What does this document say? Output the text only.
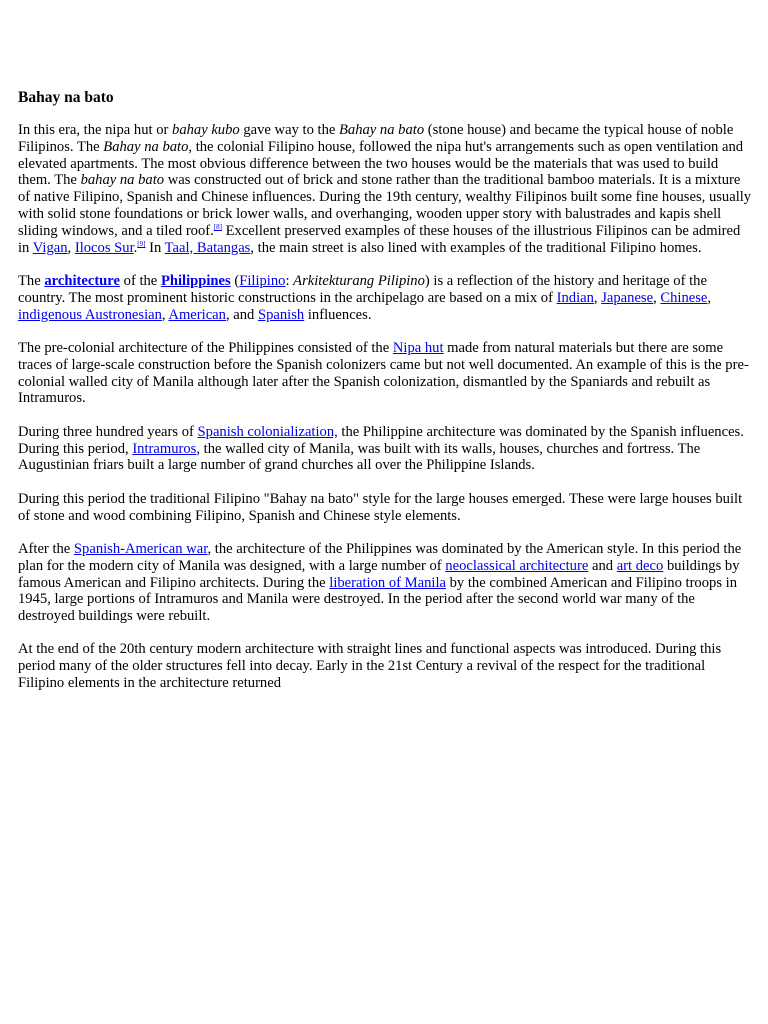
Bahay na bato

In this era, the nipa hut or bahay kubo gave way to the Bahay na bato (stone house) and became the typical house of noble Filipinos. The Bahay na bato, the colonial Filipino house, followed the nipa hut's arrangements such as open ventilation and elevated apartments. The most obvious difference between the two houses would be the materials that was used to build them. The bahay na bato was constructed out of brick and stone rather than the traditional bamboo materials. It is a mixture of native Filipino, Spanish and Chinese influences. During the 19th century, wealthy Filipinos built some fine houses, usually with solid stone foundations or brick lower walls, and overhanging, wooden upper story with balustrades and kapis shell sliding windows, and a tiled roof.[8] Excellent preserved examples of these houses of the illustrious Filipinos can be admired in Vigan, Ilocos Sur.[9] In Taal, Batangas, the main street is also lined with examples of the traditional Filipino homes.

The architecture of the Philippines (Filipino: Arkitekturang Pilipino) is a reflection of the history and heritage of the country. The most prominent historic constructions in the archipelago are based on a mix of Indian, Japanese, Chinese, indigenous Austronesian, American, and Spanish influences.

The pre-colonial architecture of the Philippines consisted of the Nipa hut made from natural materials but there are some traces of large-scale construction before the Spanish colonizers came but not well documented. An example of this is the pre-colonial walled city of Manila although later after the Spanish colonization, dismantled by the Spaniards and rebuilt as Intramuros.

During three hundred years of Spanish colonialization, the Philippine architecture was dominated by the Spanish influences. During this period, Intramuros, the walled city of Manila, was built with its walls, houses, churches and fortress. The Augustinian friars built a large number of grand churches all over the Philippine Islands.

During this period the traditional Filipino "Bahay na bato" style for the large houses emerged. These were large houses built of stone and wood combining Filipino, Spanish and Chinese style elements.

After the Spanish-American war, the architecture of the Philippines was dominated by the American style. In this period the plan for the modern city of Manila was designed, with a large number of neoclassical architecture and art deco buildings by famous American and Filipino architects. During the liberation of Manila by the combined American and Filipino troops in 1945, large portions of Intramuros and Manila were destroyed. In the period after the second world war many of the destroyed buildings were rebuilt.

At the end of the 20th century modern architecture with straight lines and functional aspects was introduced. During this period many of the older structures fell into decay. Early in the 21st Century a revival of the respect for the traditional Filipino elements in the architecture returned
